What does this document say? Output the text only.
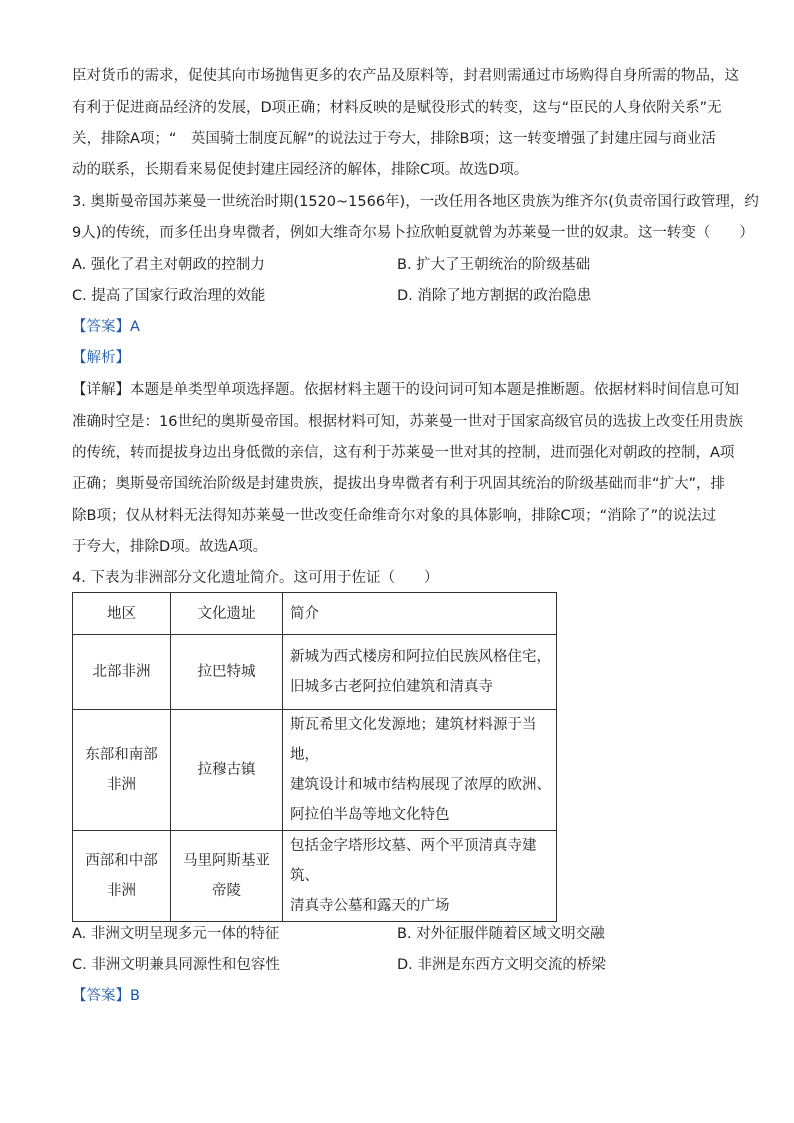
臣对货币的需求，促使其向市场抛售更多的农产品及原料等，封君则需通过市场购得自身所需的物品，这
有利于促进商品经济的发展，D项正确；材料反映的是赋役形式的转变，这与“臣民的人身依附关系”无
关，排除A项；“　英国骑士制度瓦解”的说法过于夸大，排除B项；这一转变增强了封建庄园与商业活
动的联系，长期看来易促使封建庄园经济的解体，排除C项。故选D项。
3. 奥斯曼帝国苏莱曼一世统治时期(1520~1566年)，一改任用各地区贵族为维齐尔(负责帝国行政管理，约
9人)的传统，而多任出身卑微者，例如大维奇尔易卜拉欣帕夏就曾为苏莱曼一世的奴隶。这一转变（　　）
A. 强化了君主对朝政的控制力	B. 扩大了王朝统治的阶级基础
C. 提高了国家行政治理的效能	D. 消除了地方割据的政治隐患
【答案】A
【解析】
【详解】本题是单类型单项选择题。依据材料主题干的设问词可知本题是推断题。依据材料时间信息可知
准确时空是：16世纪的奥斯曼帝国。根据材料可知，苏莱曼一世对于国家高级官员的选拔上改变任用贵族
的传统，转而提拔身边出身低微的亲信，这有利于苏莱曼一世对其的控制，进而强化对朝政的控制，A项
正确；奥斯曼帝国统治阶级是封建贵族，提拔出身卑微者有利于巩固其统治的阶级基础而非“扩大”，排
除B项；仅从材料无法得知苏莱曼一世改变任命维奇尔对象的具体影响，排除C项；“消除了”的说法过
于夸大，排除D项。故选A项。
4. 下表为非洲部分文化遗址简介。这可用于佐证（　　）
地区	文化遗址	简介

北部非洲	拉巴特城	新城为西式楼房和阿拉伯民族风格住宅，
旧城多古老阿拉伯建筑和清真寺

东部和南部
非洲	拉穆古镇	斯瓦希里文化发源地；建筑材料源于当地，
建筑设计和城市结构展现了浓厚的欧洲、
阿拉伯半岛等地文化特色

西部和中部
非洲	马里阿斯基亚
帝陵	包括金字塔形坟墓、两个平顶清真寺建筑、
清真寺公墓和露天的广场
A. 非洲文明呈现多元一体的特征	B. 对外征服伴随着区域文明交融
C. 非洲文明兼具同源性和包容性	D. 非洲是东西方文明交流的桥梁
【答案】B
